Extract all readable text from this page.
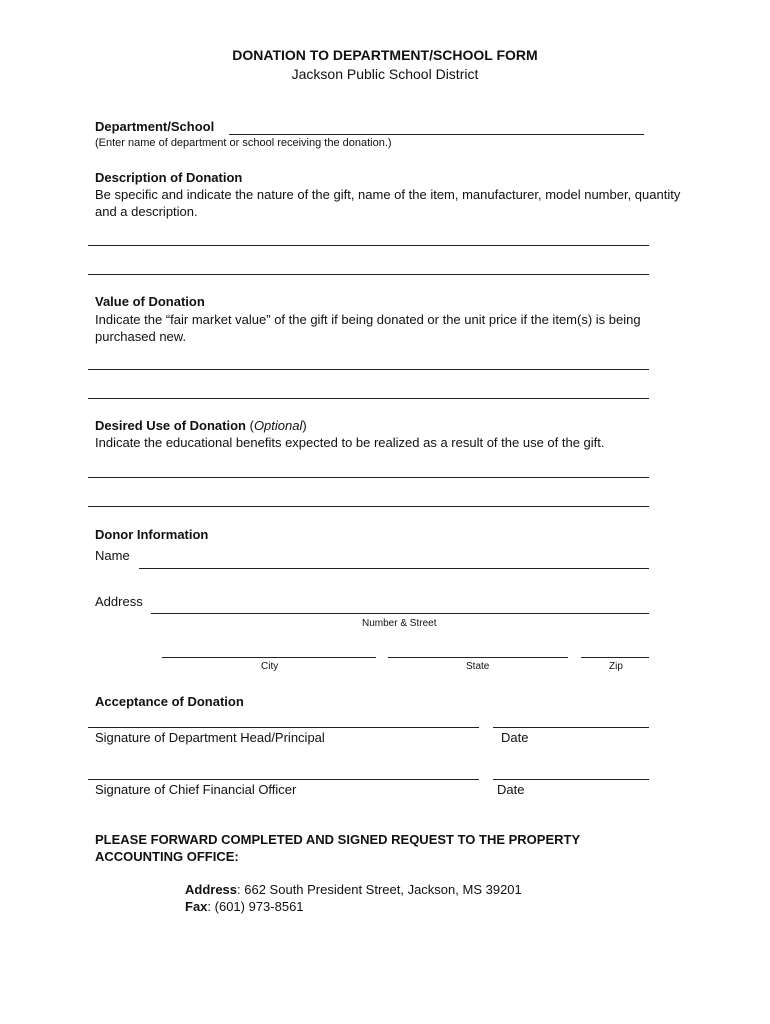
DONATION TO DEPARTMENT/SCHOOL FORM
Jackson Public School District
Department/School
(Enter name of department or school receiving the donation.)
Description of Donation
Be specific and indicate the nature of the gift, name of the item, manufacturer, model number, quantity and a description.
Value of Donation
Indicate the “fair market value” of the gift if being donated or the unit price if the item(s) is being purchased new.
Desired Use of Donation (Optional)
Indicate the educational benefits expected to be realized as a result of the use of the gift.
Donor Information
Name
Address
Number & Street
City	State	Zip
Acceptance of Donation
Signature of Department Head/Principal	Date
Signature of Chief Financial Officer	Date
PLEASE FORWARD COMPLETED AND SIGNED REQUEST TO THE PROPERTY
ACCOUNTING OFFICE:
Address: 662 South President Street, Jackson, MS 39201
Fax: (601) 973-8561
